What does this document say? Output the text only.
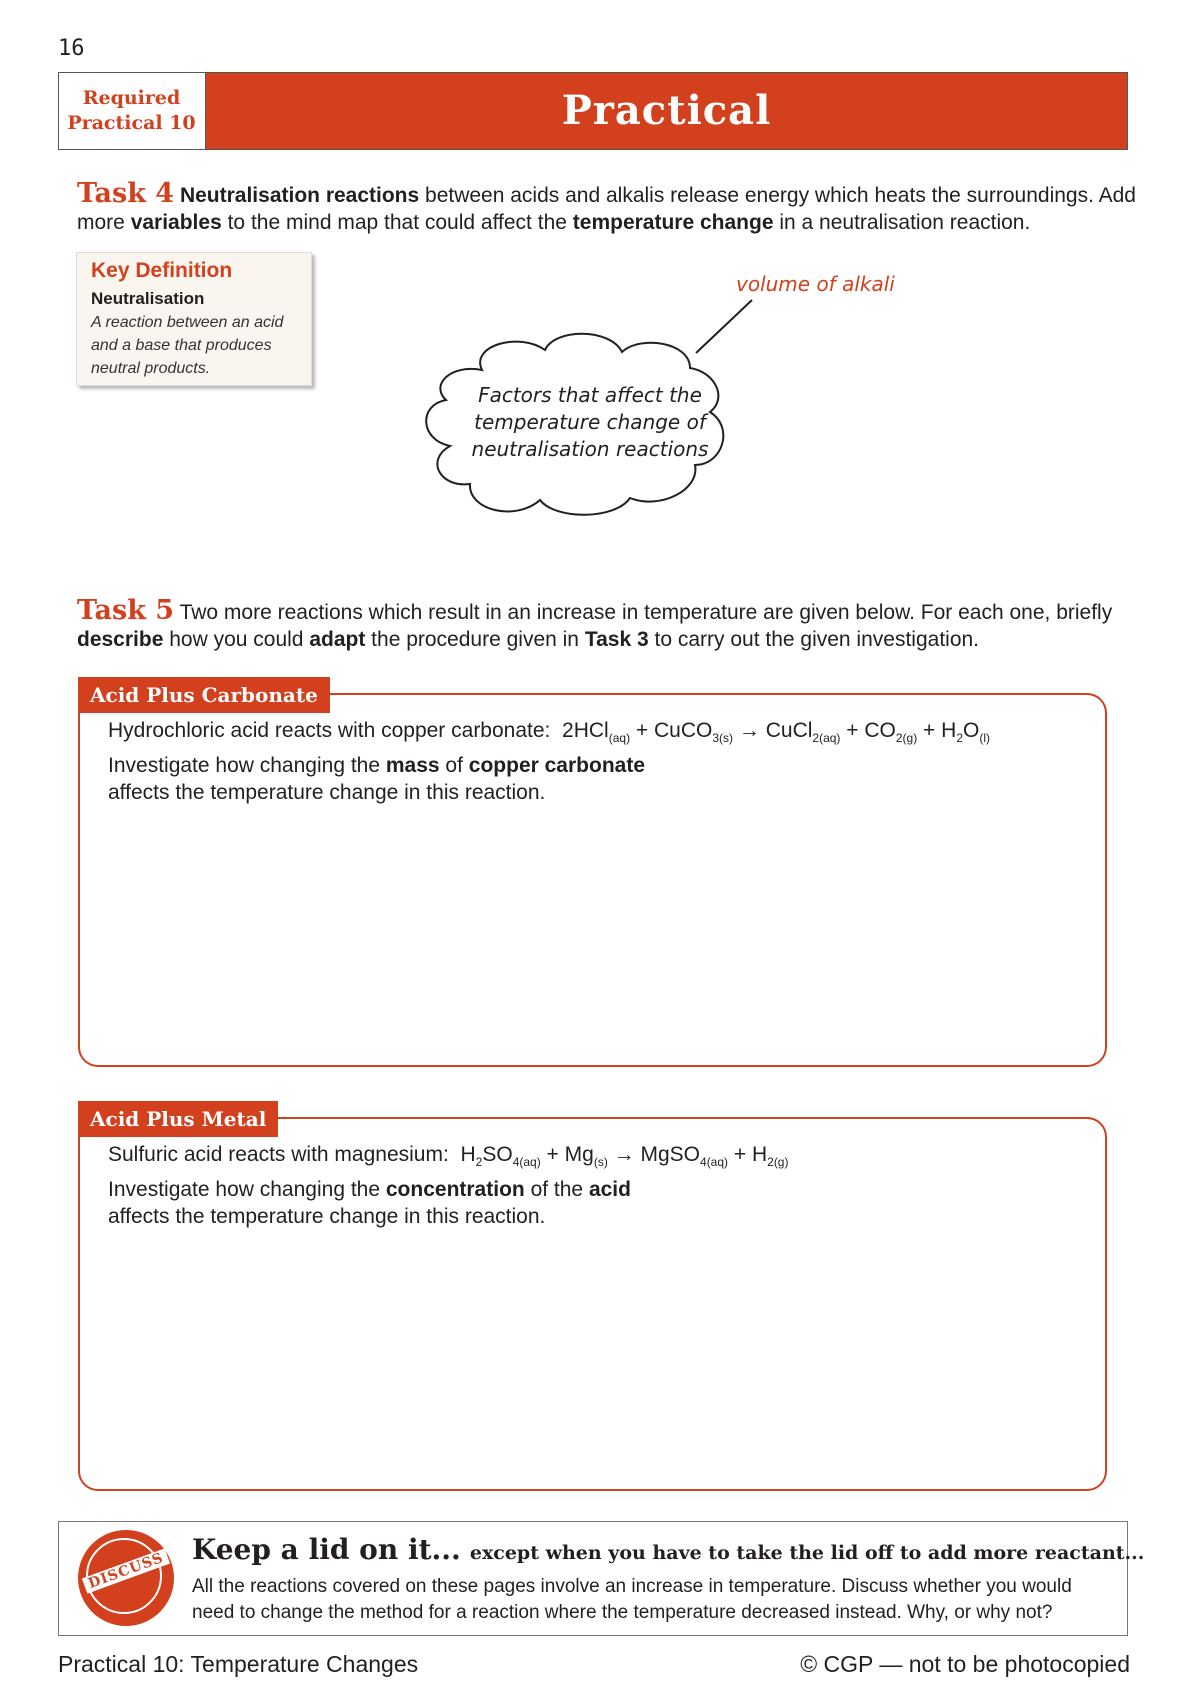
16
Required
Practical 10	Practical
Task 4 Neutralisation reactions between acids and alkalis release energy which heats the surroundings. Add more variables to the mind map that could affect the temperature change in a neutralisation reaction.
Key Definition
Neutralisation
A reaction between an acid and a base that produces neutral products.
volume of alkali
Factors that affect the temperature change of neutralisation reactions
Task 5 Two more reactions which result in an increase in temperature are given below. For each one, briefly describe how you could adapt the procedure given in Task 3 to carry out the given investigation.
Acid Plus Carbonate
Hydrochloric acid reacts with copper carbonate: 2HCl$_{(aq)}$ + CuCO$_{3(s)}$ → CuCl$_{2(aq)}$ + $CO_{2(g)} + H_2O_{(l)}$
Investigate how changing the mass of copper carbonate
affects the temperature change in this reaction.
Acid Plus Metal
Sulfuric acid reacts with magnesium: $H_2SO_{4(aq)} + Mg_{(s)}$ → MgSO$_{4(aq)}$ + $H_{2(g)}$
Investigate how changing the concentration of the acid
affects the temperature change in this reaction.
DISCUSS
Keep a lid on it... except when you have to take the lid off to add more reactant...
All the reactions covered on these pages involve an increase in temperature. Discuss whether you would need to change the method for a reaction where the temperature decreased instead. Why, or why not?
Practical 10: Temperature Changes	© CGP — not to be photocopied
